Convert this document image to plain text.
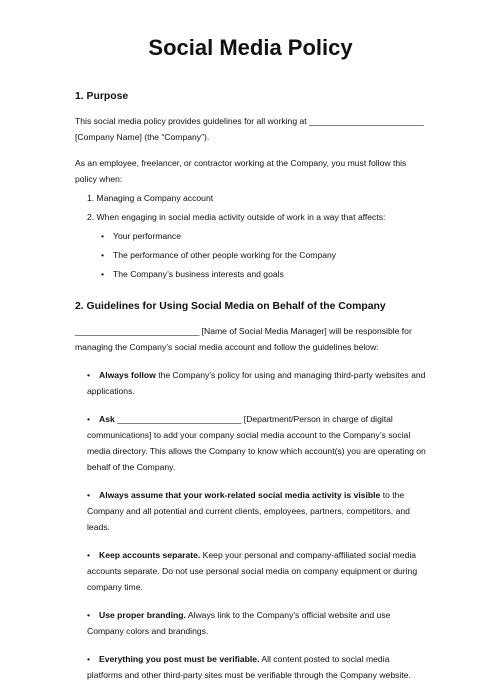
Social Media Policy
1. Purpose

This social media policy provides guidelines for all working at ________________________
[Company Name] (the “Company”).

As an employee, freelancer, or contractor working at the Company, you must follow this policy when:

1. Managing a Company account
2. When engaging in social media activity outside of work in a way that affects:
• Your performance
• The performance of other people working for the Company
• The Company’s business interests and goals
2. Guidelines for Using Social Media on Behalf of the Company

__________________________ [Name of Social Media Manager] will be responsible for managing the Company’s social media account and follow the guidelines below:

• Always follow the Company's policy for using and managing third-party websites and applications.
• Ask __________________________ [Department/Person in charge of digital communications] to add your company social media account to the Company’s social media directory. This allows the Company to know which account(s) you are operating on behalf of the Company.
• Always assume that your work-related social media activity is visible to the Company and all potential and current clients, employees, partners, competitors, and leads.
• Keep accounts separate. Keep your personal and company-affiliated social media accounts separate. Do not use personal social media on company equipment or during company time.
• Use proper branding. Always link to the Company's official website and use Company colors and brandings.
• Everything you post must be verifiable. All content posted to social media platforms and other third-party sites must be verifiable through the Company website.
